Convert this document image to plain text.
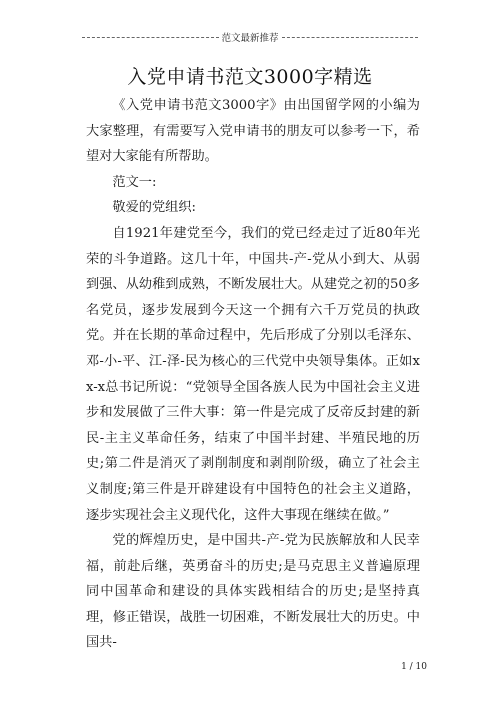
范文最新推荐
入党申请书范文3000字精选

《入党申请书范文3000字》由出国留学网的小编为大家整理，有需要写入党申请书的朋友可以参考一下，希望对大家能有所帮助。

范文一:

敬爱的党组织:

自1921年建党至今，我们的党已经走过了近80年光荣的斗争道路。这几十年，中国共-产-党从小到大、从弱到强、从幼稚到成熟，不断发展壮大。从建党之初的50多名党员，逐步发展到今天这一个拥有六千万党员的执政党。并在长期的革命过程中，先后形成了分别以毛泽东、邓-小-平、江-泽-民为核心的三代党中央领导集体。正如xx-x总书记所说：“党领导全国各族人民为中国社会主义进步和发展做了三件大事：第一件是完成了反帝反封建的新民-主主义革命任务，结束了中国半封建、半殖民地的历史;第二件是消灭了剥削制度和剥削阶级，确立了社会主义制度;第三件是开辟建设有中国特色的社会主义道路，逐步实现社会主义现代化，这件大事现在继续在做。”

党的辉煌历史，是中国共-产-党为民族解放和人民幸福，前赴后继，英勇奋斗的历史;是马克思主义普遍原理同中国革命和建设的具体实践相结合的历史;是坚持真理，修正错误，战胜一切困难，不断发展壮大的历史。中国共-

1 / 10
